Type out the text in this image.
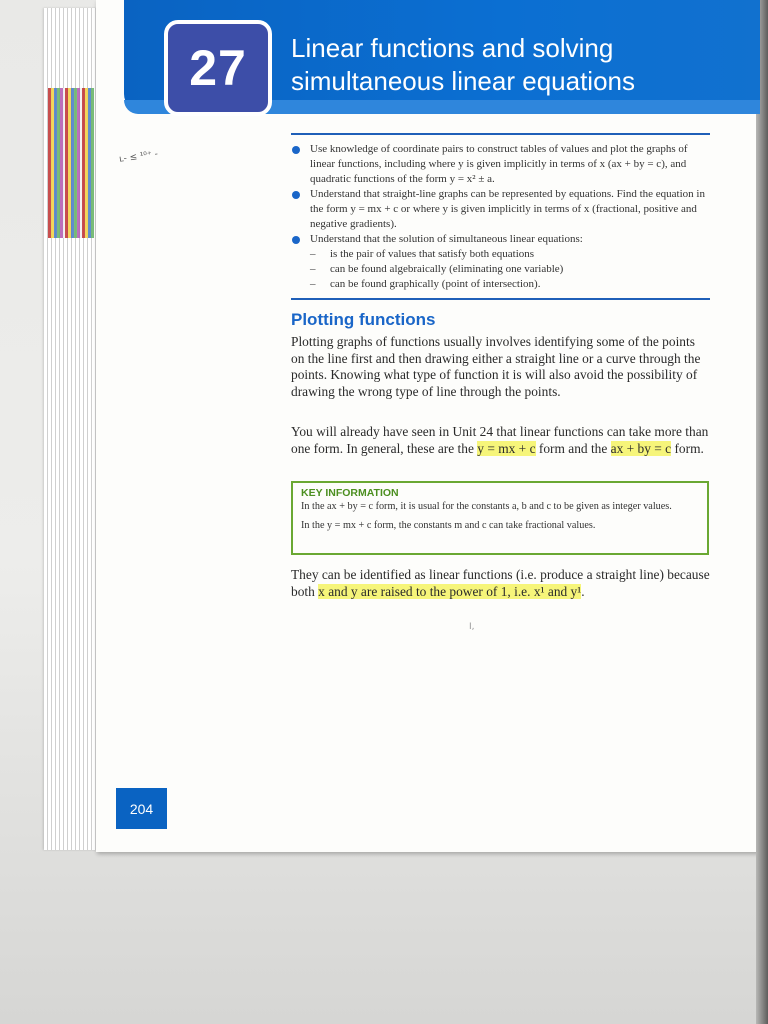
27 Linear functions and solving simultaneous linear equations
ʟ- ≤ ¹⁰⁺ -
Use knowledge of coordinate pairs to construct tables of values and plot the graphs of linear functions, including where y is given implicitly in terms of x (ax + by = c), and quadratic functions of the form y = x² ± a.
Understand that straight-line graphs can be represented by equations. Find the equation in the form y = mx + c or where y is given implicitly in terms of x (fractional, positive and negative gradients).
Understand that the solution of simultaneous linear equations:
– is the pair of values that satisfy both equations
– can be found algebraically (eliminating one variable)
– can be found graphically (point of intersection).
Plotting functions
Plotting graphs of functions usually involves identifying some of the points on the line first and then drawing either a straight line or a curve through the points. Knowing what type of function it is will also avoid the possibility of drawing the wrong type of line through the points.
You will already have seen in Unit 24 that linear functions can take more than one form. In general, these are the y = mx + c form and the ax + by = c form.
KEY INFORMATION
In the ax + by = c form, it is usual for the constants a, b and c to be given as integer values.
In the y = mx + c form, the constants m and c can take fractional values.
They can be identified as linear functions (i.e. produce a straight line) because both x and y are raised to the power of 1, i.e. x¹ and y¹.
I,
204
